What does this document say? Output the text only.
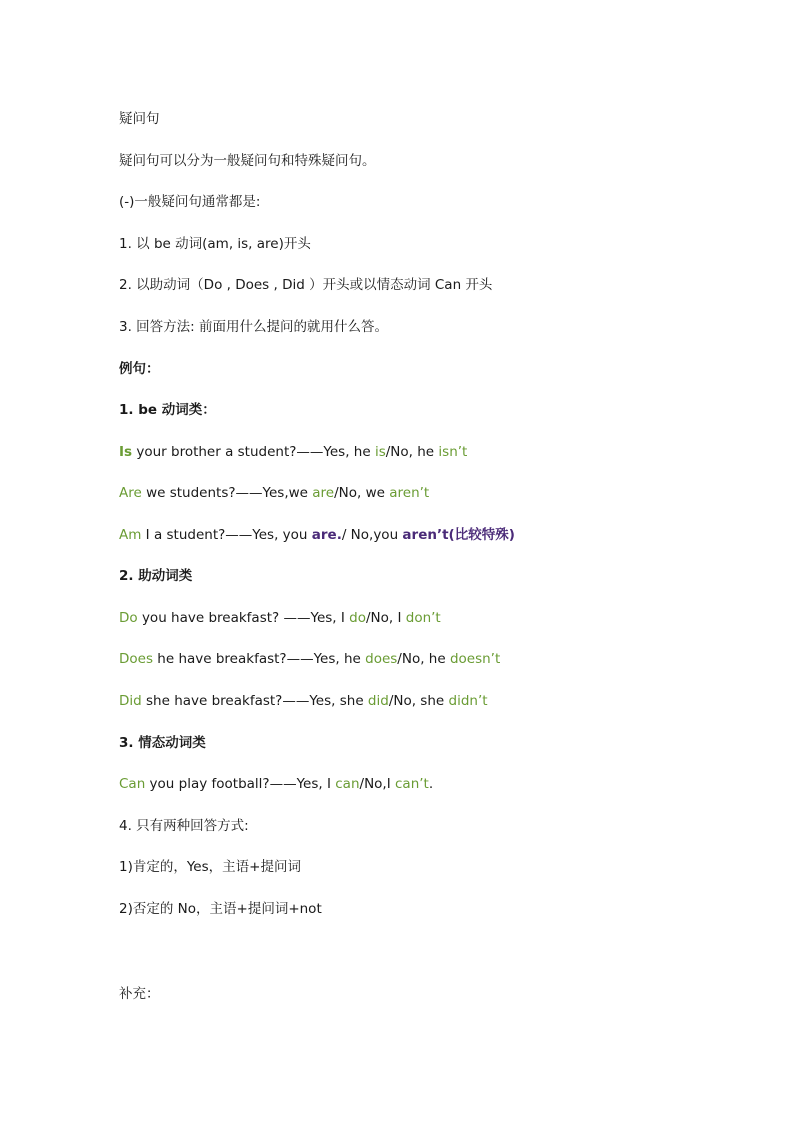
疑问句

疑问句可以分为一般疑问句和特殊疑问句。

(-)一般疑问句通常都是:

1. 以 be 动词(am, is, are)开头

2. 以助动词（Do , Does , Did ）开头或以情态动词 Can 开头

3. 回答方法: 前面用什么提问的就用什么答。

例句：

1. be 动词类：

Is your brother a student?——Yes, he is/No, he isn’t

Are we students?——Yes,we are/No, we aren’t

Am I a student?——Yes, you are./ No,you aren’t(比较特殊)

2. 助动词类

Do you have breakfast? ——Yes, I do/No, I don’t

Does he have breakfast?——Yes, he does/No, he doesn’t

Did she have breakfast?——Yes, she did/No, she didn’t

3. 情态动词类

Can you play football?——Yes, I can/No,I can’t.

4. 只有两种回答方式:

1)肯定的，Yes，主语+提问词

2)否定的 No，主语+提问词+not

补充：
